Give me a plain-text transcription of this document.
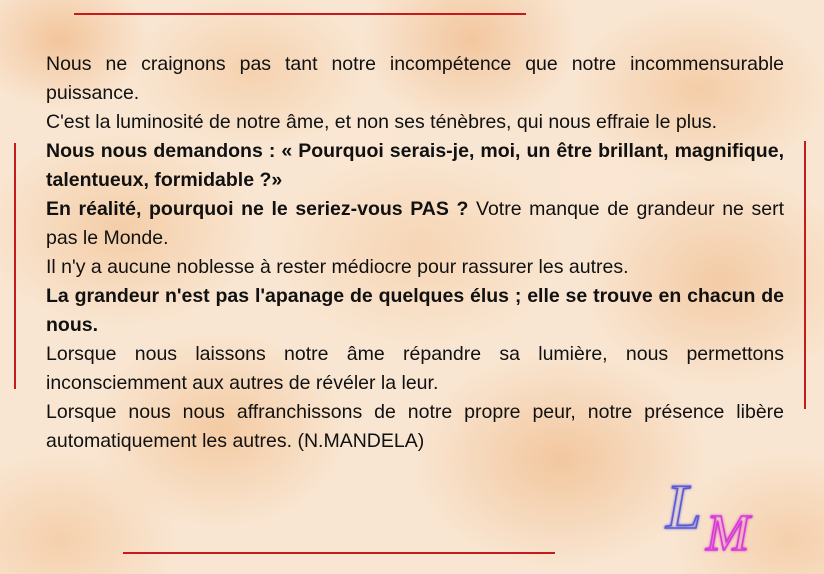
Nous ne craignons pas tant notre incompétence que notre incommensurable puissance.

C'est la luminosité de notre âme, et non ses ténèbres, qui nous effraie le plus.

Nous nous demandons : « Pourquoi serais-je, moi, un être brillant, magnifique, talentueux, formidable ?»

En réalité, pourquoi ne le seriez-vous PAS ? Votre manque de grandeur ne sert pas le Monde.

Il n'y a aucune noblesse à rester médiocre pour rassurer les autres.

La grandeur n'est pas l'apanage de quelques élus ; elle se trouve en chacun de nous.

Lorsque nous laissons notre âme répandre sa lumière, nous permettons inconsciemment aux autres de révéler la leur.

Lorsque nous nous affranchissons de notre propre peur, notre présence libère automatiquement les autres. (N.MANDELA)

L M
